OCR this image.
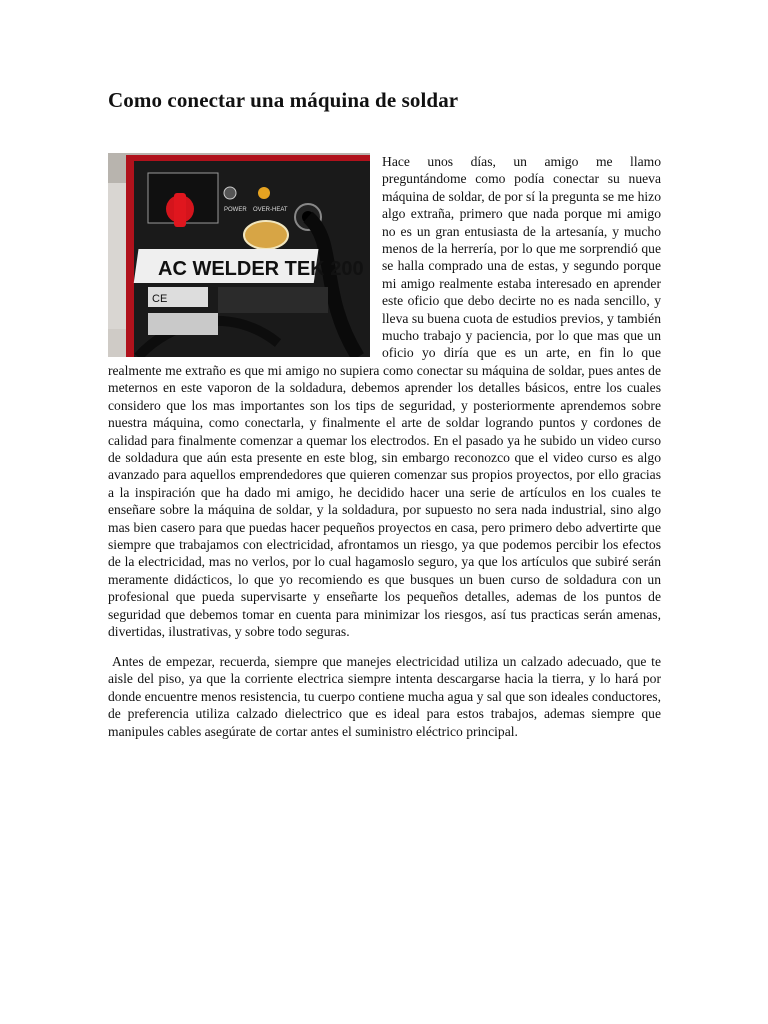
Como conectar una máquina de soldar
POWER OVER-HEAT
AC WELDER TEK 200
CE

Hace unos días, un amigo me llamo preguntándome como podía conectar su nueva máquina de soldar, de por sí la pregunta se me hizo algo extraña, primero que nada porque mi amigo no es un gran entusiasta de la artesanía, y mucho menos de la herrería, por lo que me sorprendió que se halla comprado una de estas, y segundo porque mi amigo realmente estaba interesado en aprender este oficio que debo decirte no es nada sencillo, y lleva su buena cuota de estudios previos, y también mucho trabajo y paciencia, por lo que mas que un oficio yo diría que es un arte, en fin lo que realmente me extraño es que mi amigo no supiera como conectar su máquina de soldar, pues antes de meternos en este vaporon de la soldadura, debemos aprender los detalles básicos, entre los cuales considero que los mas importantes son los tips de seguridad, y posteriormente aprendemos sobre nuestra máquina, como conectarla, y finalmente el arte de soldar logrando puntos y cordones de calidad para finalmente comenzar a quemar los electrodos. En el pasado ya he subido un video curso de soldadura que aún esta presente en este blog, sin embargo reconozco que el video curso es algo avanzado para aquellos emprendedores que quieren comenzar sus propios proyectos, por ello gracias a la inspiración que ha dado mi amigo, he decidido hacer una serie de artículos en los cuales te enseñare sobre la máquina de soldar, y la soldadura, por supuesto no sera nada industrial, sino algo mas bien casero para que puedas hacer pequeños proyectos en casa, pero primero debo advertirte que siempre que trabajamos con electricidad, afrontamos un riesgo, ya que podemos percibir los efectos de la electricidad, mas no verlos, por lo cual hagamoslo seguro, ya que los artículos que subiré serán meramente didácticos, lo que yo recomiendo es que busques un buen curso de soldadura con un profesional que pueda supervisarte y enseñarte los pequeños detalles, ademas de los puntos de seguridad que debemos tomar en cuenta para minimizar los riesgos, así tus practicas serán amenas, divertidas, ilustrativas, y sobre todo seguras.

Antes de empezar, recuerda, siempre que manejes electricidad utiliza un calzado adecuado, que te aisle del piso, ya que la corriente electrica siempre intenta descargarse hacia la tierra, y lo hará por donde encuentre menos resistencia, tu cuerpo contiene mucha agua y sal que son ideales conductores, de preferencia utiliza calzado dielectrico que es ideal para estos trabajos, ademas siempre que manipules cables asegúrate de cortar antes el suministro eléctrico principal.
